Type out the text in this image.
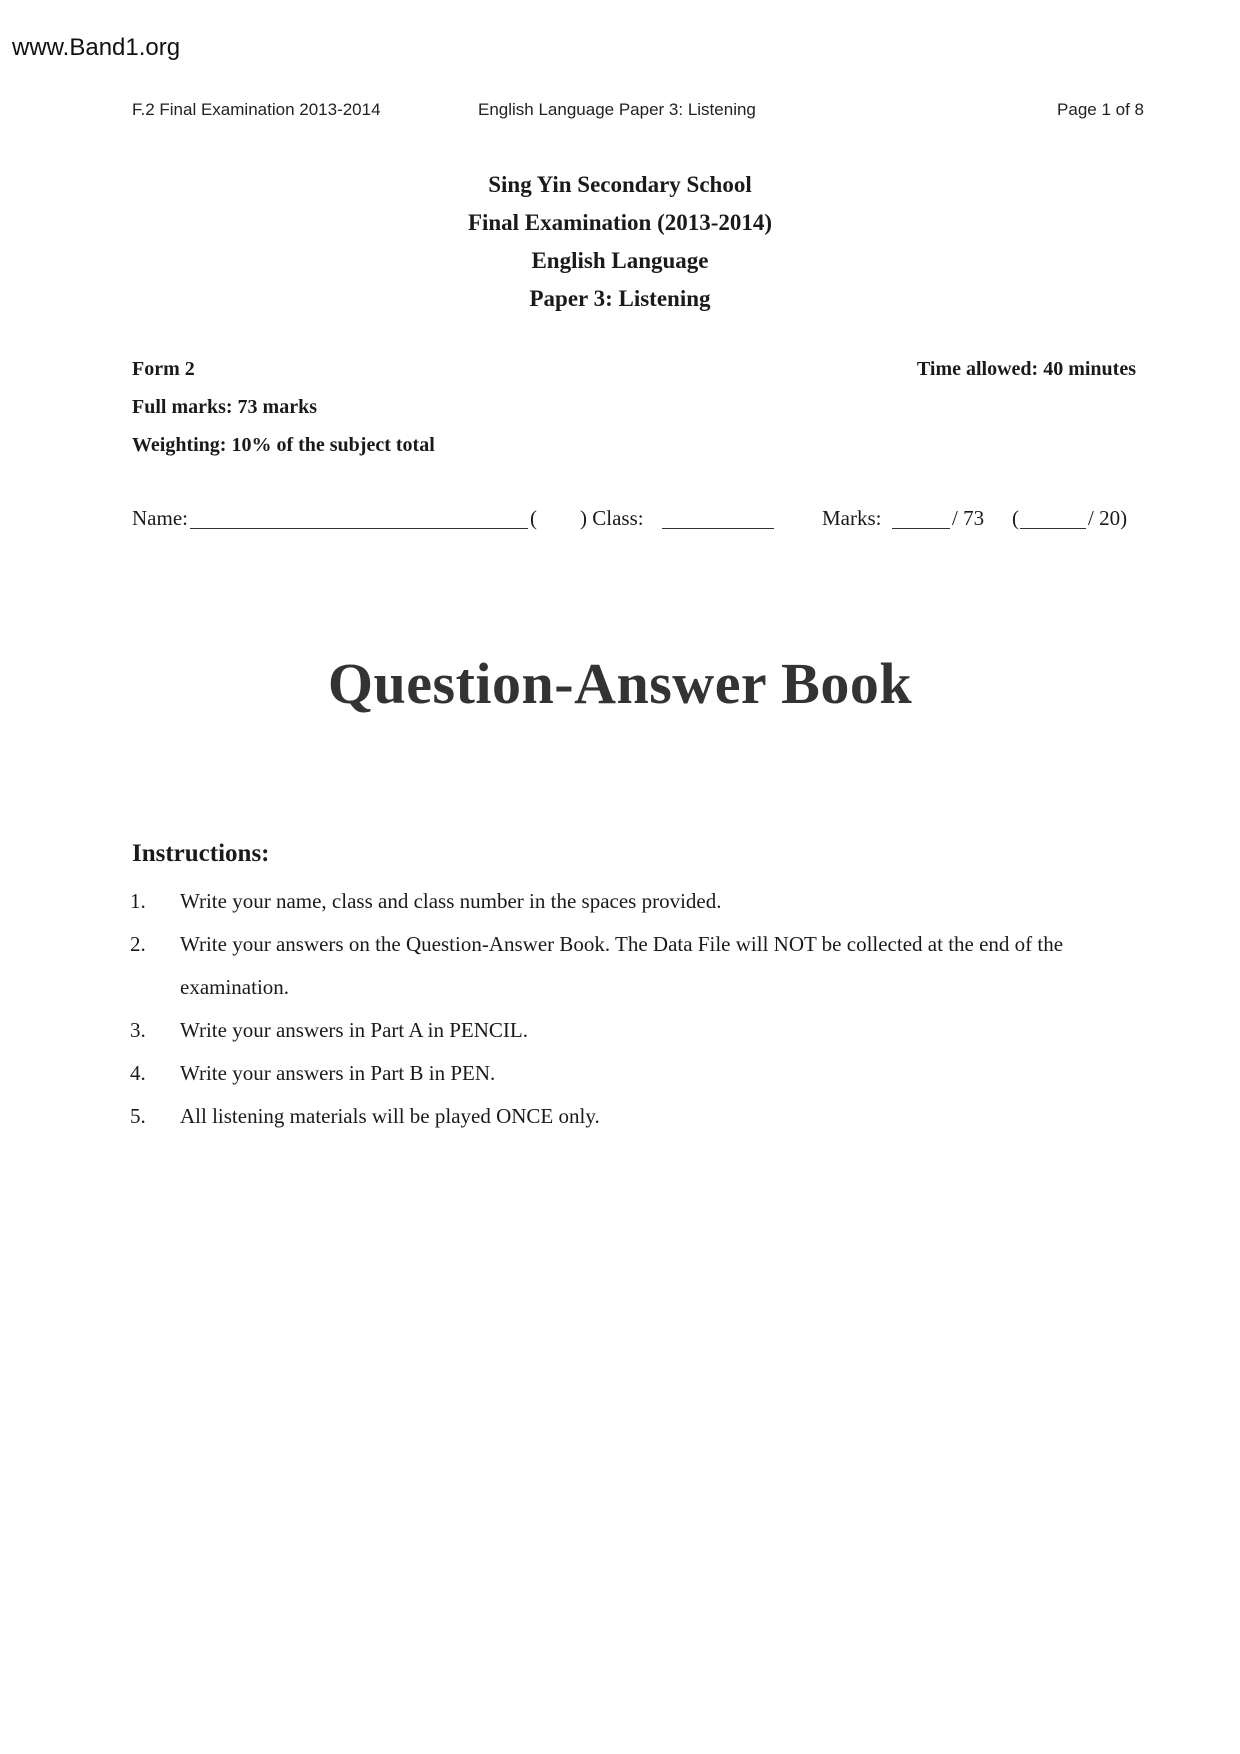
www.Band1.org
F.2 Final Examination 2013-2014	English Language Paper 3: Listening	Page 1 of 8
Sing Yin Secondary School
Final Examination (2013-2014)
English Language
Paper 3: Listening
Form 2
Full marks: 73 marks
Weighting: 10% of the subject total
Time allowed: 40 minutes
Name:	( ) Class:	Marks:	/ 73 (	/ 20)
Question-Answer Book
Instructions:
1. Write your name, class and class number in the spaces provided.
2. Write your answers on the Question-Answer Book. The Data File will NOT be collected at the end of the examination.
3. Write your answers in Part A in PENCIL.
4. Write your answers in Part B in PEN.
5. All listening materials will be played ONCE only.
